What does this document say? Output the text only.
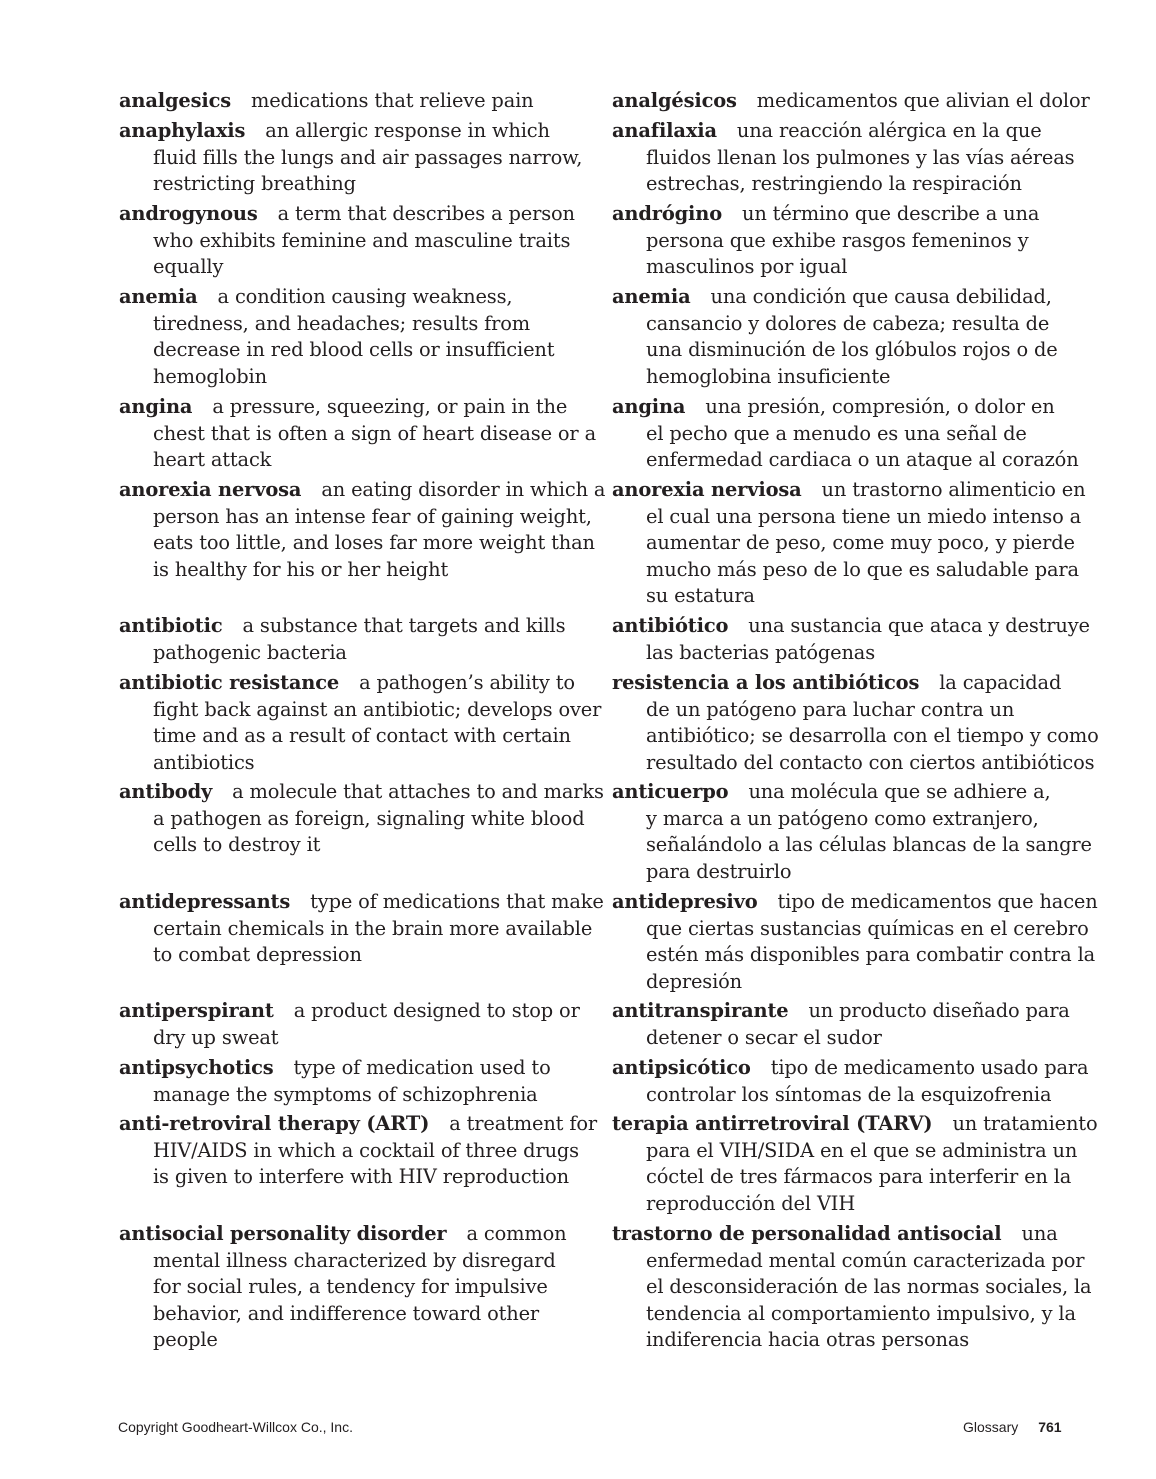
analgesics medications that relieve pain
anaphylaxis an allergic response in which
fluid fills the lungs and air passages narrow,
restricting breathing
androgynous a term that describes a person
who exhibits feminine and masculine traits
equally
anemia a condition causing weakness,
tiredness, and headaches; results from
decrease in red blood cells or insufficient
hemoglobin
angina a pressure, squeezing, or pain in the
chest that is often a sign of heart disease or a
heart attack
anorexia nervosa an eating disorder in which a
person has an intense fear of gaining weight,
eats too little, and loses far more weight than
is healthy for his or her height
antibiotic a substance that targets and kills
pathogenic bacteria
antibiotic resistance a pathogen’s ability to
fight back against an antibiotic; develops over
time and as a result of contact with certain
antibiotics
antibody a molecule that attaches to and marks
a pathogen as foreign, signaling white blood
cells to destroy it
antidepressants type of medications that make
certain chemicals in the brain more available
to combat depression
antiperspirant a product designed to stop or
dry up sweat
antipsychotics type of medication used to
manage the symptoms of schizophrenia
anti-retroviral therapy (ART) a treatment for
HIV/AIDS in which a cocktail of three drugs
is given to interfere with HIV reproduction
antisocial personality disorder a common
mental illness characterized by disregard
for social rules, a tendency for impulsive
behavior, and indifference toward other
people
analgésicos medicamentos que alivian el dolor
anafilaxia una reacción alérgica en la que
fluidos llenan los pulmones y las vías aéreas
estrechas, restringiendo la respiración
andrógino un término que describe a una
persona que exhibe rasgos femeninos y
masculinos por igual
anemia una condición que causa debilidad,
cansancio y dolores de cabeza; resulta de
una disminución de los glóbulos rojos o de
hemoglobina insuficiente
angina una presión, compresión, o dolor en
el pecho que a menudo es una señal de
enfermedad cardiaca o un ataque al corazón
anorexia nerviosa un trastorno alimenticio en
el cual una persona tiene un miedo intenso a
aumentar de peso, come muy poco, y pierde
mucho más peso de lo que es saludable para
su estatura
antibiótico una sustancia que ataca y destruye
las bacterias patógenas
resistencia a los antibióticos la capacidad
de un patógeno para luchar contra un
antibiótico; se desarrolla con el tiempo y como
resultado del contacto con ciertos antibióticos
anticuerpo una molécula que se adhiere a,
y marca a un patógeno como extranjero,
señalándolo a las células blancas de la sangre
para destruirlo
antidepresivo tipo de medicamentos que hacen
que ciertas sustancias químicas en el cerebro
estén más disponibles para combatir contra la
depresión
antitranspirante un producto diseñado para
detener o secar el sudor
antipsicótico tipo de medicamento usado para
controlar los síntomas de la esquizofrenia
terapia antirretroviral (TARV) un tratamiento
para el VIH/SIDA en el que se administra un
cóctel de tres fármacos para interferir en la
reproducción del VIH
trastorno de personalidad antisocial una
enfermedad mental común caracterizada por
el desconsideración de las normas sociales, la
tendencia al comportamiento impulsivo, y la
indiferencia hacia otras personas
Copyright Goodheart-Willcox Co., Inc.	Glossary 761
